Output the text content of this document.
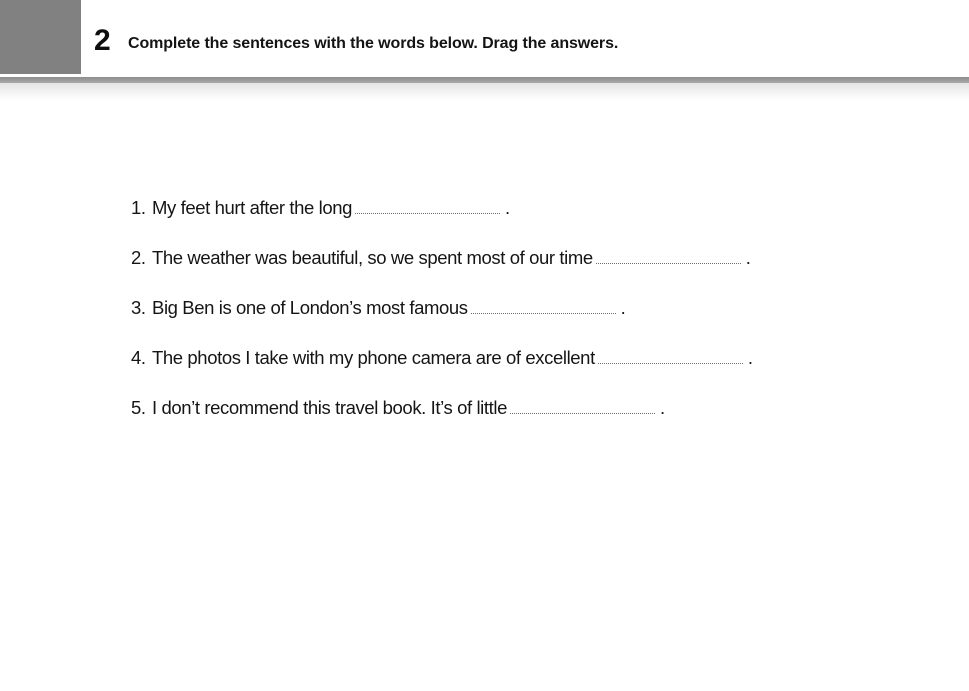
2 Complete the sentences with the words below. Drag the answers.
1. My feet hurt after the long	.
2. The weather was beautiful, so we spent most of our time	.
3. Big Ben is one of London’s most famous	.
4. The photos I take with my phone camera are of excellent	.
5. I don’t recommend this travel book. It’s of little	.
